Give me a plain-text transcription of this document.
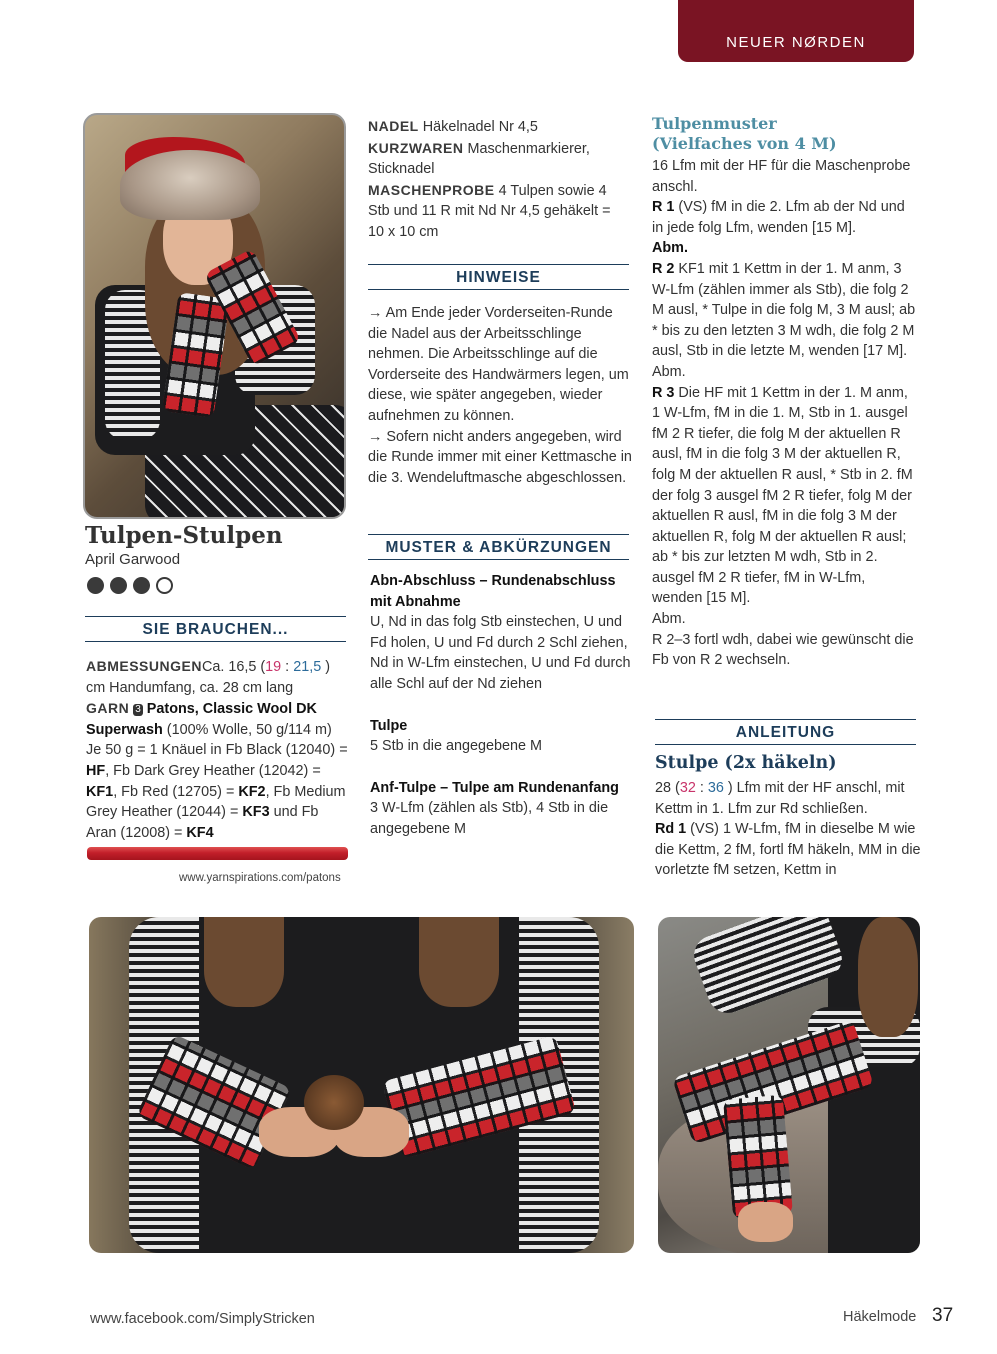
NEUER NØRDEN
Tulpen-Stulpen
April Garwood
SIE BRAUCHEN...

ABMESSUNGENCa. 16,5 (19 : 21,5 ) cm Handumfang, ca. 28 cm lang

GARN 3 Patons, Classic Wool DK Superwash (100% Wolle, 50 g/114 m) Je 50 g = 1 Knäuel in Fb Black (12040) = HF, Fb Dark Grey Heather (12042) = KF1, Fb Red (12705) = KF2, Fb Medium Grey Heather (12044) = KF3 und Fb Aran (12008) = KF4

www.yarnspirations.com/patons

NADEL Häkelnadel Nr 4,5

KURZWAREN Maschenmarkierer, Sticknadel

MASCHENPROBE 4 Tulpen sowie 4 Stb und 11 R mit Nd Nr 4,5 gehäkelt = 10 x 10 cm

HINWEISE

→ Am Ende jeder Vorderseiten-Runde die Nadel aus der Arbeitsschlinge nehmen. Die Arbeitsschlinge auf die Vorderseite des Handwärmers legen, um diese, wie später angegeben, wieder aufnehmen zu können.

→ Sofern nicht anders angegeben, wird die Runde immer mit einer Kettmasche in die 3. Wendeluftmasche abgeschlossen.

MUSTER & ABKÜRZUNGEN

Abn-Abschluss – Rundenabschluss mit Abnahme

U, Nd in das folg Stb einstechen, U und Fd holen, U und Fd durch 2 Schl ziehen, Nd in W-Lfm einstechen, U und Fd durch alle Schl auf der Nd ziehen

Tulpe

5 Stb in die angegebene M

Anf-Tulpe – Tulpe am Rundenanfang

3 W-Lfm (zählen als Stb), 4 Stb in die angegebene M

Tulpenmuster
(Vielfaches von 4 M)

16 Lfm mit der HF für die Maschenprobe anschl.

R 1 (VS) fM in die 2. Lfm ab der Nd und in jede folg Lfm, wenden [15 M].

Abm.

R 2 KF1 mit 1 Kettm in der 1. M anm, 3 W-Lfm (zählen immer als Stb), die folg 2 M ausl, * Tulpe in die folg M, 3 M ausl; ab * bis zu den letzten 3 M wdh, die folg 2 M ausl, Stb in die letzte M, wenden [17 M].

Abm.

R 3 Die HF mit 1 Kettm in der 1. M anm, 1 W-Lfm, fM in die 1. M, Stb in 1. ausgel fM 2 R tiefer, die folg M der aktuellen R ausl, fM in die folg 3 M der aktuellen R, folg M der aktuellen R ausl, * Stb in 2. fM der folg 3 ausgel fM 2 R tiefer, folg M der aktuellen R ausl, fM in die folg 3 M der aktuellen R, folg M der aktuellen R ausl; ab * bis zur letzten M wdh, Stb in 2. ausgel fM 2 R tiefer, fM in W-Lfm, wenden [15 M].

Abm.

R 2–3 fortl wdh, dabei wie gewünscht die Fb von R 2 wechseln.

ANLEITUNG
Stulpe (2x häkeln)

28 (32 : 36 ) Lfm mit der HF anschl, mit Kettm in 1. Lfm zur Rd schließen.

Rd 1 (VS) 1 W-Lfm, fM in dieselbe M wie die Kettm, 2 fM, fortl fM häkeln, MM in die vorletzte fM setzen, Kettm in

www.facebook.com/SimplyStricken	Häkelmode 37
